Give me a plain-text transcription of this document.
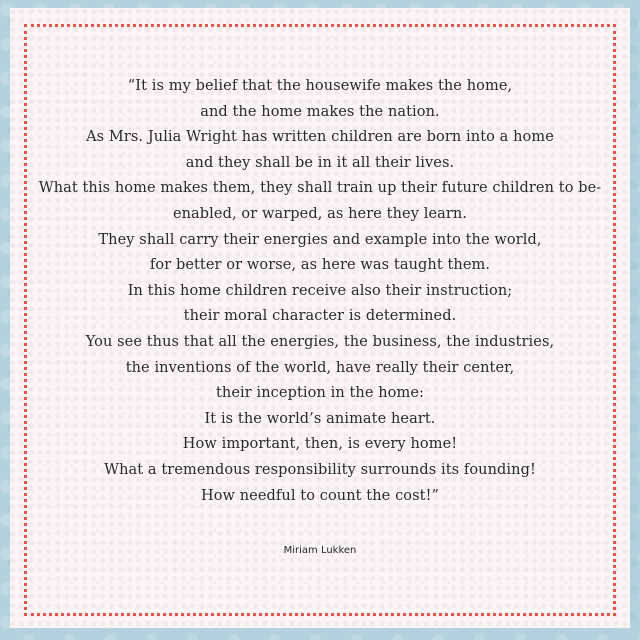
“It is my belief that the housewife makes the home,
and the home makes the nation.
As Mrs. Julia Wright has written children are born into a home
and they shall be in it all their lives.
What this home makes them, they shall train up their future children to be-
enabled, or warped, as here they learn.
They shall carry their energies and example into the world,
for better or worse, as here was taught them.
In this home children receive also their instruction;
their moral character is determined.
You see thus that all the energies, the business, the industries,
the inventions of the world, have really their center,
their inception in the home:
It is the world’s animate heart.
How important, then, is every home!
What a tremendous responsibility surrounds its founding!
How needful to count the cost!”
Miriam Lukken
